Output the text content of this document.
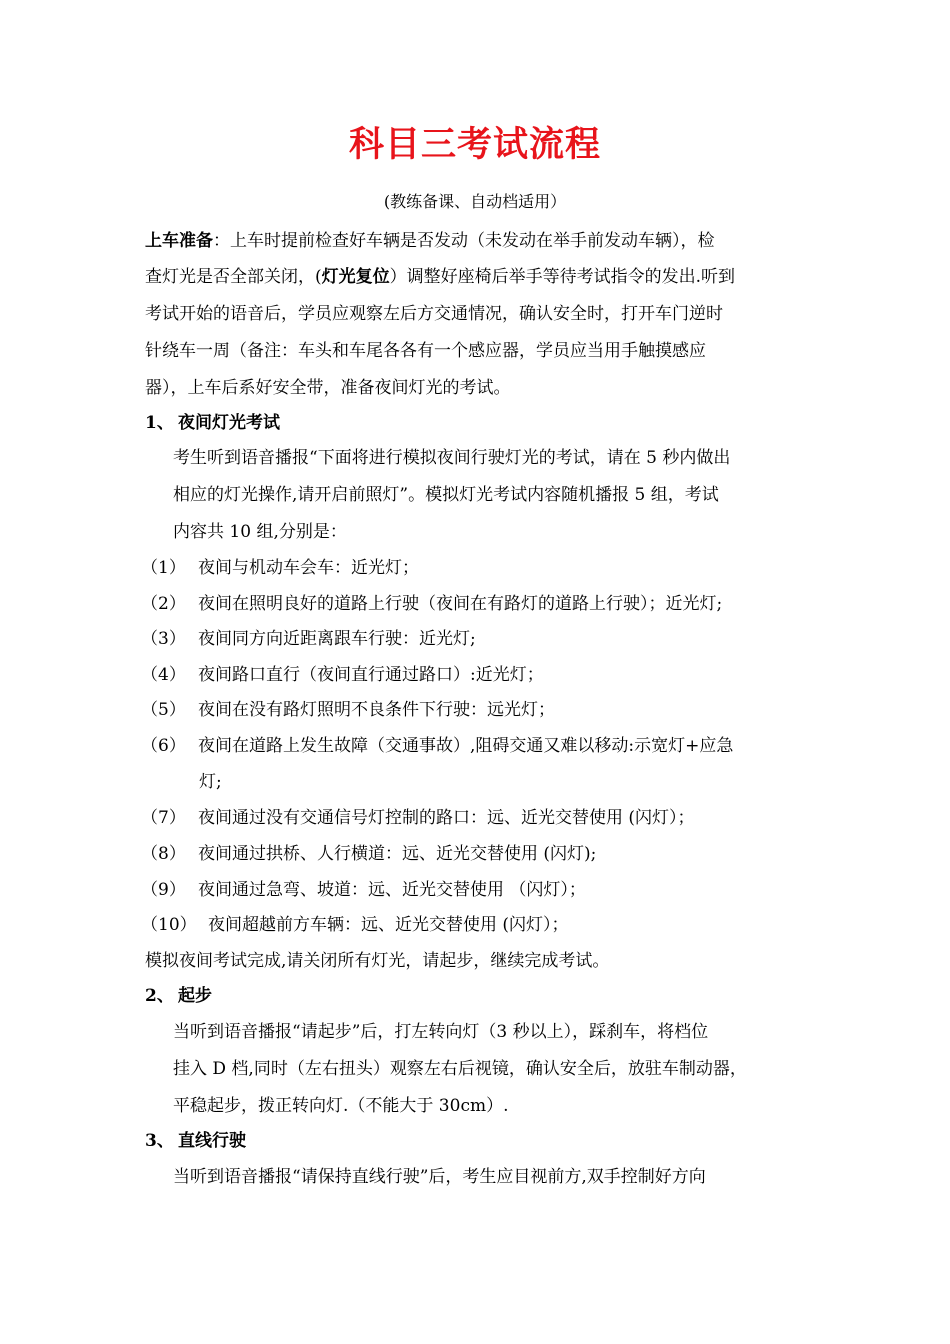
科目三考试流程
(教练备课、自动档适用）
上车准备：上车时提前检查好车辆是否发动（未发动在举手前发动车辆），检
查灯光是否全部关闭，(灯光复位）调整好座椅后举手等待考试指令的发出.听到
考试开始的语音后，学员应观察左后方交通情况，确认安全时，打开车门逆时
针绕车一周（备注：车头和车尾各各有一个感应器，学员应当用手触摸感应
器），上车后系好安全带，准备夜间灯光的考试。
1、 夜间灯光考试
考生听到语音播报“下面将进行模拟夜间行驶灯光的考试，请在 5 秒内做出
相应的灯光操作,请开启前照灯”。模拟灯光考试内容随机播报 5 组，考试
内容共 10 组,分别是：
（1） 夜间与机动车会车：近光灯；
（2） 夜间在照明良好的道路上行驶（夜间在有路灯的道路上行驶）；近光灯;
（3） 夜间同方向近距离跟车行驶：近光灯;
（4） 夜间路口直行（夜间直行通过路口）:近光灯；
（5） 夜间在没有路灯照明不良条件下行驶：远光灯；
（6） 夜间在道路上发生故障（交通事故）,阻碍交通又难以移动:示宽灯+应急
灯;
（7） 夜间通过没有交通信号灯控制的路口：远、近光交替使用 (闪灯）；
（8） 夜间通过拱桥、人行横道：远、近光交替使用 (闪灯);
（9） 夜间通过急弯、坡道：远、近光交替使用 （闪灯）；
（10） 夜间超越前方车辆：远、近光交替使用 (闪灯）；
模拟夜间考试完成,请关闭所有灯光，请起步，继续完成考试。
2、 起步
当听到语音播报“请起步”后，打左转向灯（3 秒以上），踩刹车，将档位
挂入 D 档,同时（左右扭头）观察左右后视镜，确认安全后，放驻车制动器，
平稳起步，拨正转向灯.（不能大于 30cm）.
3、 直线行驶
当听到语音播报“请保持直线行驶”后，考生应目视前方,双手控制好方向
